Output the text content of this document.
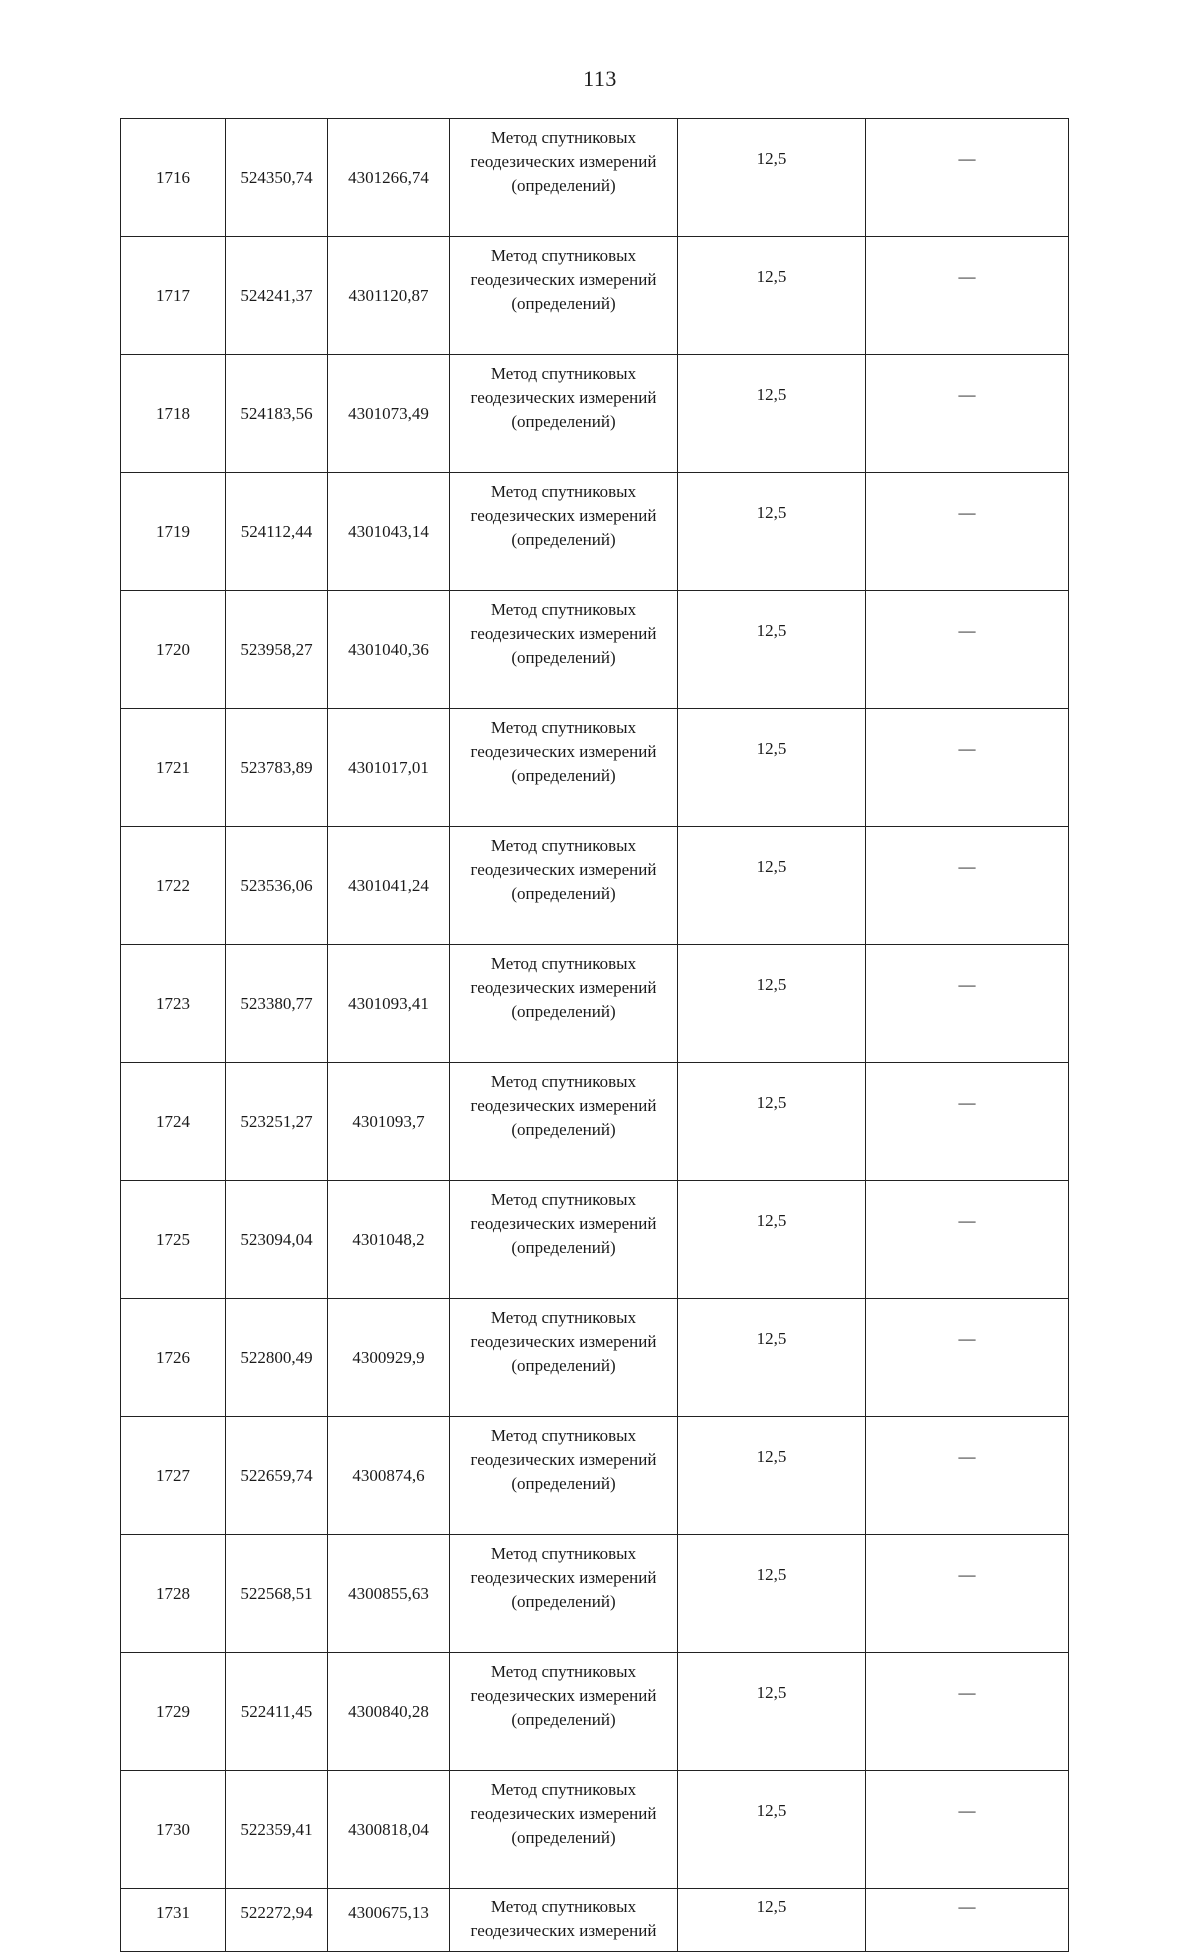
113
1716	524350,74	4301266,74	Метод спутниковых
геодезических измерений
(определений)	12,5	—
1717	524241,37	4301120,87	Метод спутниковых
геодезических измерений
(определений)	12,5	—
1718	524183,56	4301073,49	Метод спутниковых
геодезических измерений
(определений)	12,5	—
1719	524112,44	4301043,14	Метод спутниковых
геодезических измерений
(определений)	12,5	—
1720	523958,27	4301040,36	Метод спутниковых
геодезических измерений
(определений)	12,5	—
1721	523783,89	4301017,01	Метод спутниковых
геодезических измерений
(определений)	12,5	—
1722	523536,06	4301041,24	Метод спутниковых
геодезических измерений
(определений)	12,5	—
1723	523380,77	4301093,41	Метод спутниковых
геодезических измерений
(определений)	12,5	—
1724	523251,27	4301093,7	Метод спутниковых
геодезических измерений
(определений)	12,5	—
1725	523094,04	4301048,2	Метод спутниковых
геодезических измерений
(определений)	12,5	—
1726	522800,49	4300929,9	Метод спутниковых
геодезических измерений
(определений)	12,5	—
1727	522659,74	4300874,6	Метод спутниковых
геодезических измерений
(определений)	12,5	—
1728	522568,51	4300855,63	Метод спутниковых
геодезических измерений
(определений)	12,5	—
1729	522411,45	4300840,28	Метод спутниковых
геодезических измерений
(определений)	12,5	—
1730	522359,41	4300818,04	Метод спутниковых
геодезических измерений
(определений)	12,5	—
1731	522272,94	4300675,13	Метод спутниковых
геодезических измерений	12,5	—
